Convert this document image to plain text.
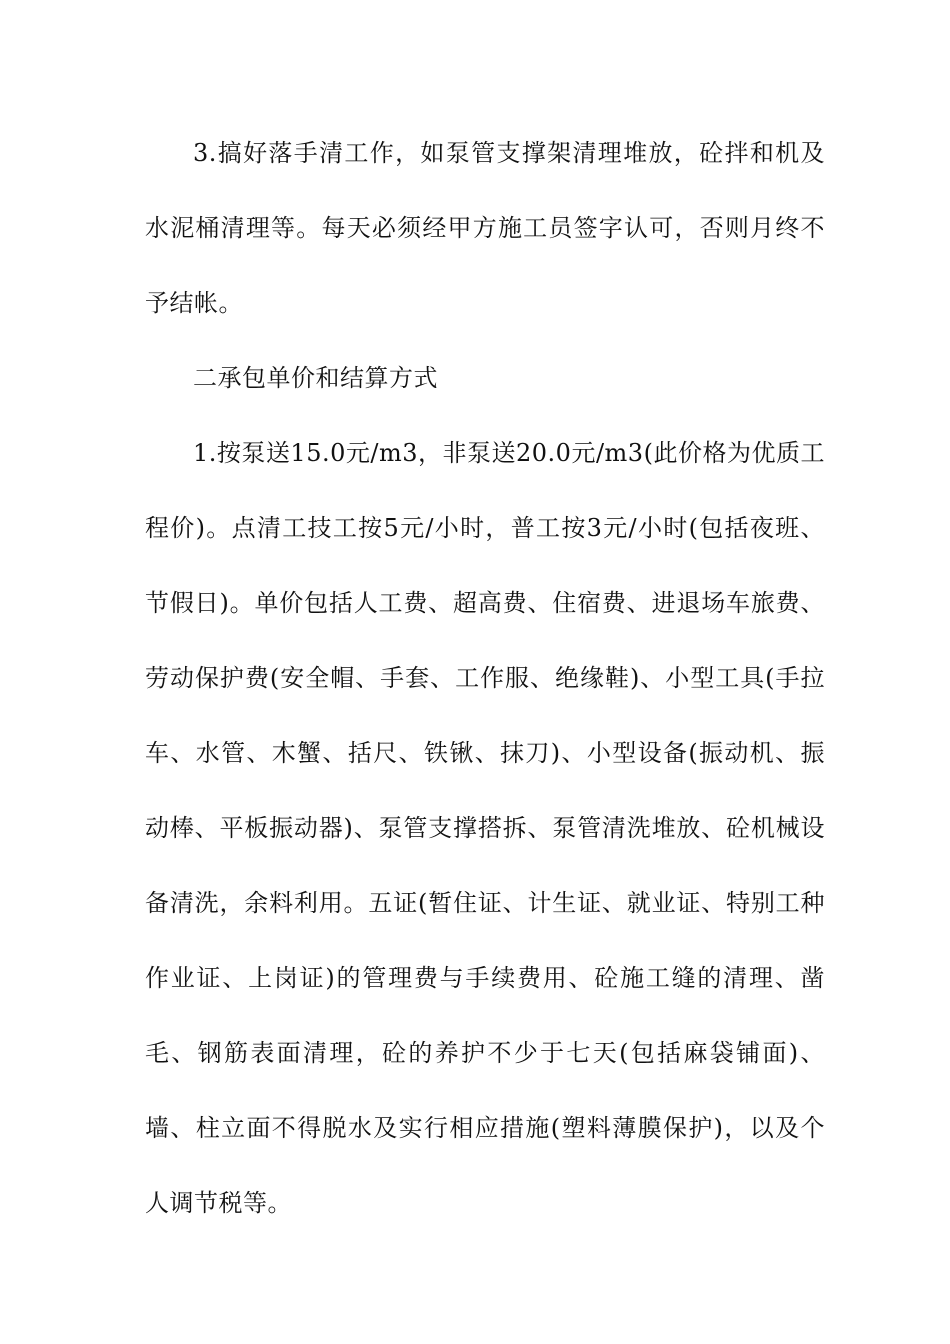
3.搞好落手清工作，如泵管支撑架清理堆放，砼拌和机及水泥桶清理等。每天必须经甲方施工员签字认可，否则月终不予结帐。

二承包单价和结算方式

1.按泵送15.0元/m3，非泵送20.0元/m3(此价格为优质工程价)。点清工技工按5元/小时，普工按3元/小时(包括夜班、节假日)。单价包括人工费、超高费、住宿费、进退场车旅费、劳动保护费(安全帽、手套、工作服、绝缘鞋)、小型工具(手拉车、水管、木蟹、括尺、铁锹、抹刀)、小型设备(振动机、振动棒、平板振动器)、泵管支撑搭拆、泵管清洗堆放、砼机械设备清洗，余料利用。五证(暂住证、计生证、就业证、特别工种作业证、上岗证)的管理费与手续费用、砼施工缝的清理、凿毛、钢筋表面清理，砼的养护不少于七天(包括麻袋铺面)、墙、柱立面不得脱水及实行相应措施(塑料薄膜保护)，以及个人调节税等。
